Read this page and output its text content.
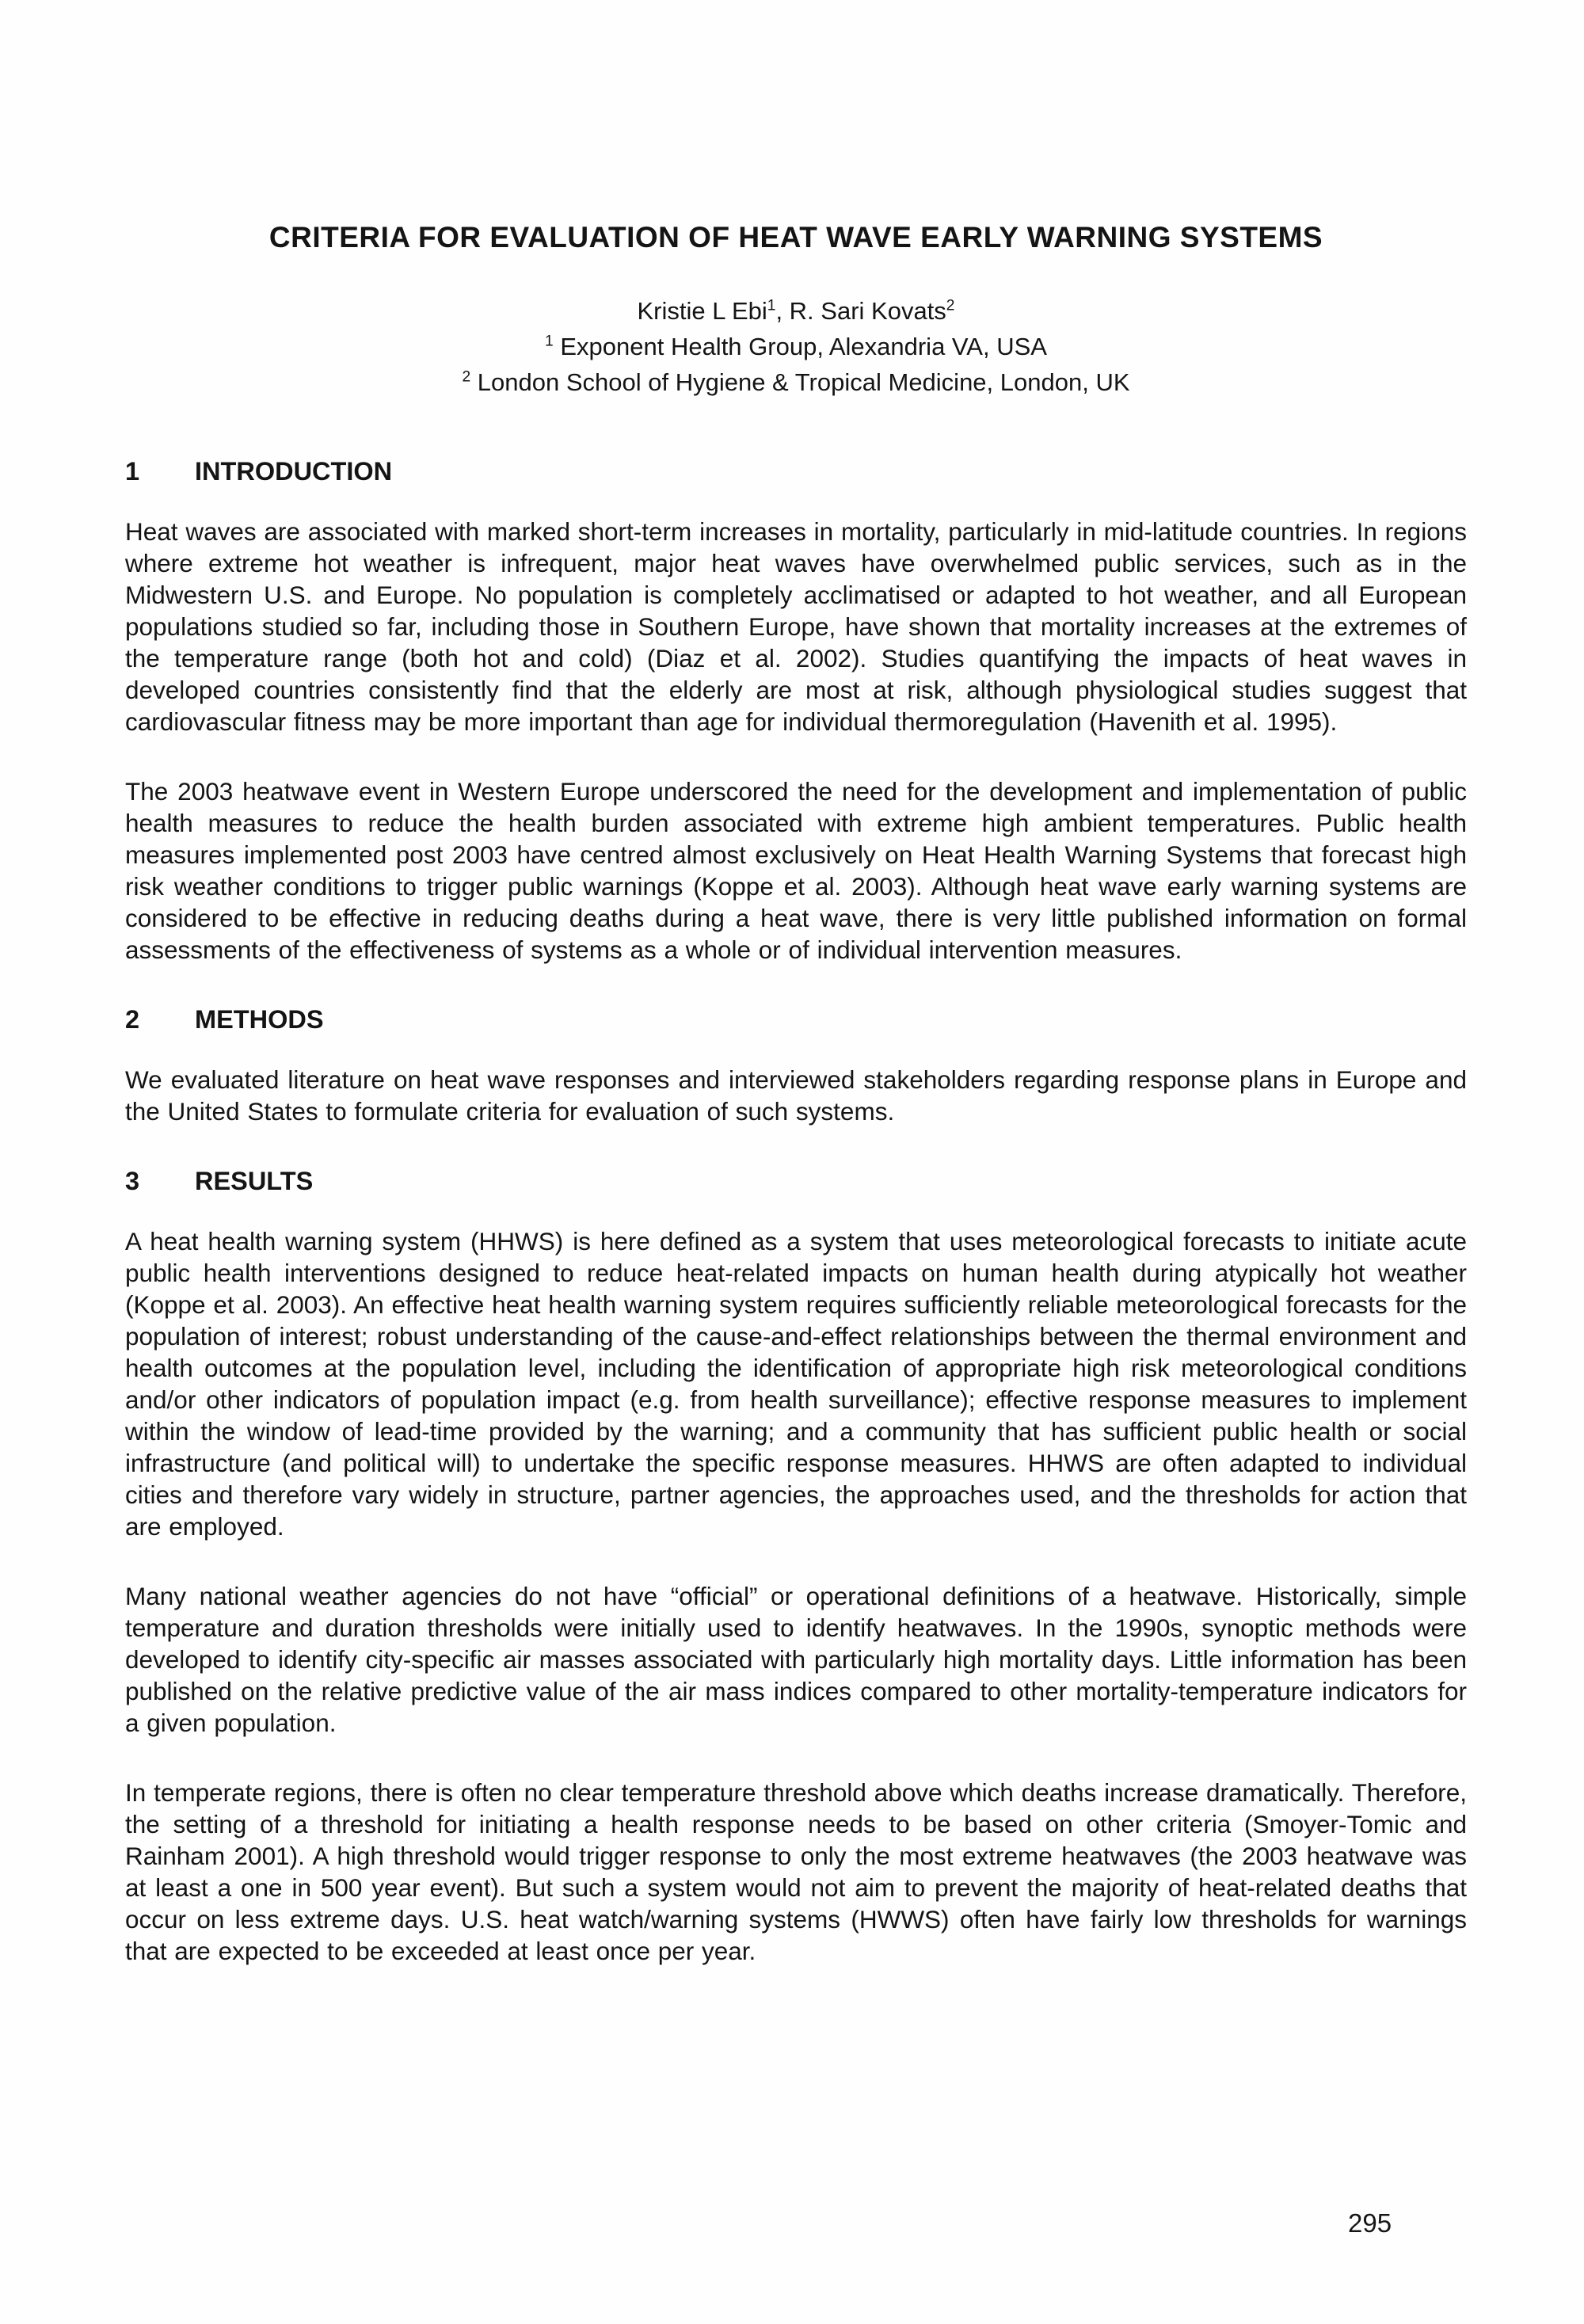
CRITERIA FOR EVALUATION OF HEAT WAVE EARLY WARNING SYSTEMS
Kristie L Ebi$^1$, R. Sari Kovats$^2$
$^1$ Exponent Health Group, Alexandria VA, USA
$^2$ London School of Hygiene & Tropical Medicine, London, UK
1 INTRODUCTION

Heat waves are associated with marked short-term increases in mortality, particularly in mid-latitude countries. In regions where extreme hot weather is infrequent, major heat waves have overwhelmed public services, such as in the Midwestern U.S. and Europe. No population is completely acclimatised or adapted to hot weather, and all European populations studied so far, including those in Southern Europe, have shown that mortality increases at the extremes of the temperature range (both hot and cold) (Diaz et al. 2002). Studies quantifying the impacts of heat waves in developed countries consistently find that the elderly are most at risk, although physiological studies suggest that cardiovascular fitness may be more important than age for individual thermoregulation (Havenith et al. 1995).

The 2003 heatwave event in Western Europe underscored the need for the development and implementation of public health measures to reduce the health burden associated with extreme high ambient temperatures. Public health measures implemented post 2003 have centred almost exclusively on Heat Health Warning Systems that forecast high risk weather conditions to trigger public warnings (Koppe et al. 2003). Although heat wave early warning systems are considered to be effective in reducing deaths during a heat wave, there is very little published information on formal assessments of the effectiveness of systems as a whole or of individual intervention measures.

2 METHODS

We evaluated literature on heat wave responses and interviewed stakeholders regarding response plans in Europe and the United States to formulate criteria for evaluation of such systems.

3 RESULTS

A heat health warning system (HHWS) is here defined as a system that uses meteorological forecasts to initiate acute public health interventions designed to reduce heat-related impacts on human health during atypically hot weather (Koppe et al. 2003). An effective heat health warning system requires sufficiently reliable meteorological forecasts for the population of interest; robust understanding of the cause-and-effect relationships between the thermal environment and health outcomes at the population level, including the identification of appropriate high risk meteorological conditions and/or other indicators of population impact (e.g. from health surveillance); effective response measures to implement within the window of lead-time provided by the warning; and a community that has sufficient public health or social infrastructure (and political will) to undertake the specific response measures. HHWS are often adapted to individual cities and therefore vary widely in structure, partner agencies, the approaches used, and the thresholds for action that are employed.

Many national weather agencies do not have “official” or operational definitions of a heatwave. Historically, simple temperature and duration thresholds were initially used to identify heatwaves. In the 1990s, synoptic methods were developed to identify city-specific air masses associated with particularly high mortality days. Little information has been published on the relative predictive value of the air mass indices compared to other mortality-temperature indicators for a given population.

In temperate regions, there is often no clear temperature threshold above which deaths increase dramatically. Therefore, the setting of a threshold for initiating a health response needs to be based on other criteria (Smoyer-Tomic and Rainham 2001). A high threshold would trigger response to only the most extreme heatwaves (the 2003 heatwave was at least a one in 500 year event). But such a system would not aim to prevent the majority of heat-related deaths that occur on less extreme days. U.S. heat watch/warning systems (HWWS) often have fairly low thresholds for warnings that are expected to be exceeded at least once per year.

295
